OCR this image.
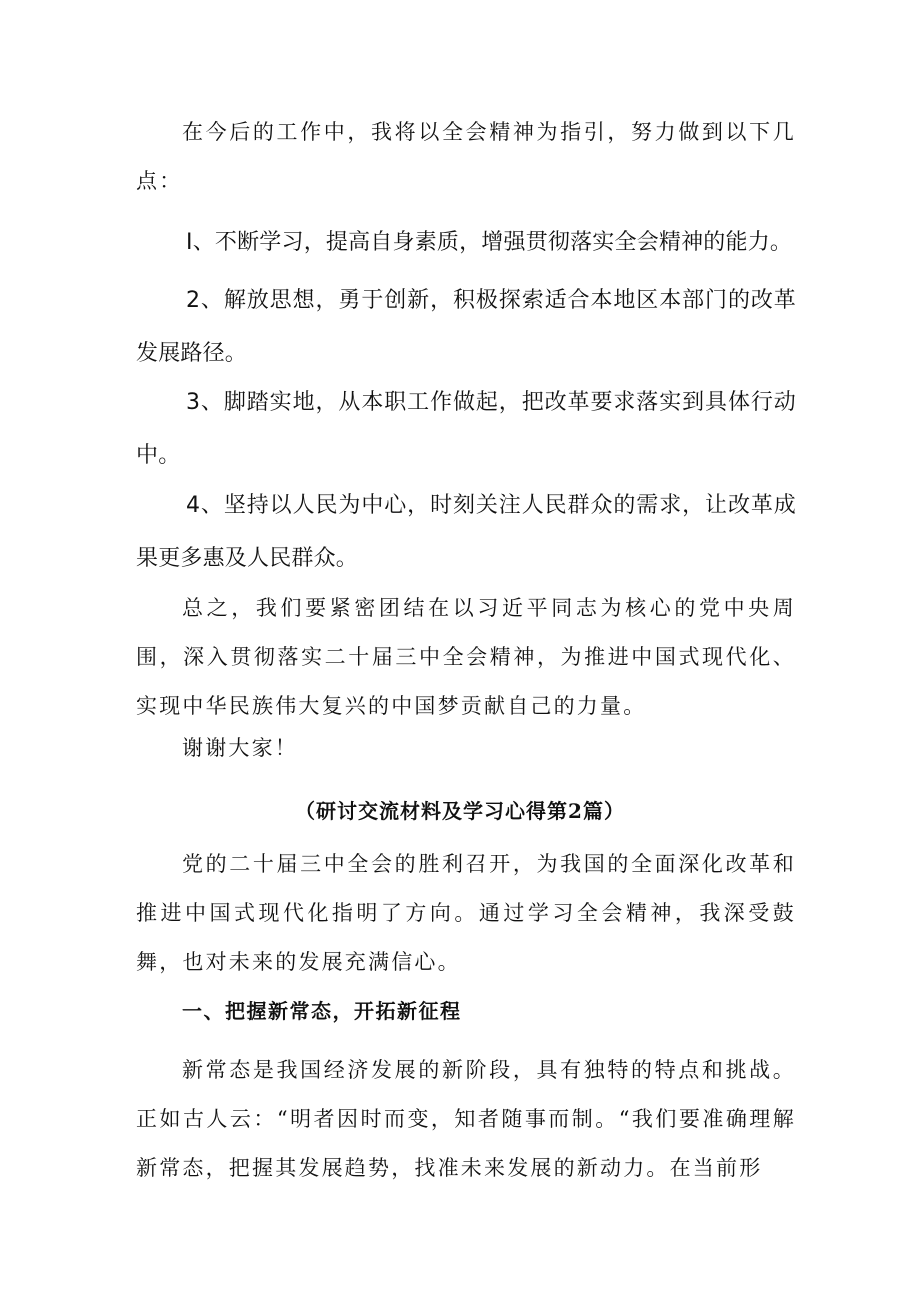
在今后的工作中，我将以全会精神为指引，努力做到以下几点：

I、不断学习，提高自身素质，增强贯彻落实全会精神的能力。

2、解放思想，勇于创新，积极探索适合本地区本部门的改革发展路径。

3、脚踏实地，从本职工作做起，把改革要求落实到具体行动中。

4、坚持以人民为中心，时刻关注人民群众的需求，让改革成果更多惠及人民群众。

总之，我们要紧密团结在以习近平同志为核心的党中央周围，深入贯彻落实二十届三中全会精神，为推进中国式现代化、实现中华民族伟大复兴的中国梦贡献自己的力量。

谢谢大家！

（研讨交流材料及学习心得第2篇）

党的二十届三中全会的胜利召开，为我国的全面深化改革和推进中国式现代化指明了方向。通过学习全会精神，我深受鼓舞，也对未来的发展充满信心。

一、把握新常态，开拓新征程

新常态是我国经济发展的新阶段，具有独特的特点和挑战。正如古人云：“明者因时而变，知者随事而制。“我们要准确理解新常态，把握其发展趋势，找准未来发展的新动力。在当前形
